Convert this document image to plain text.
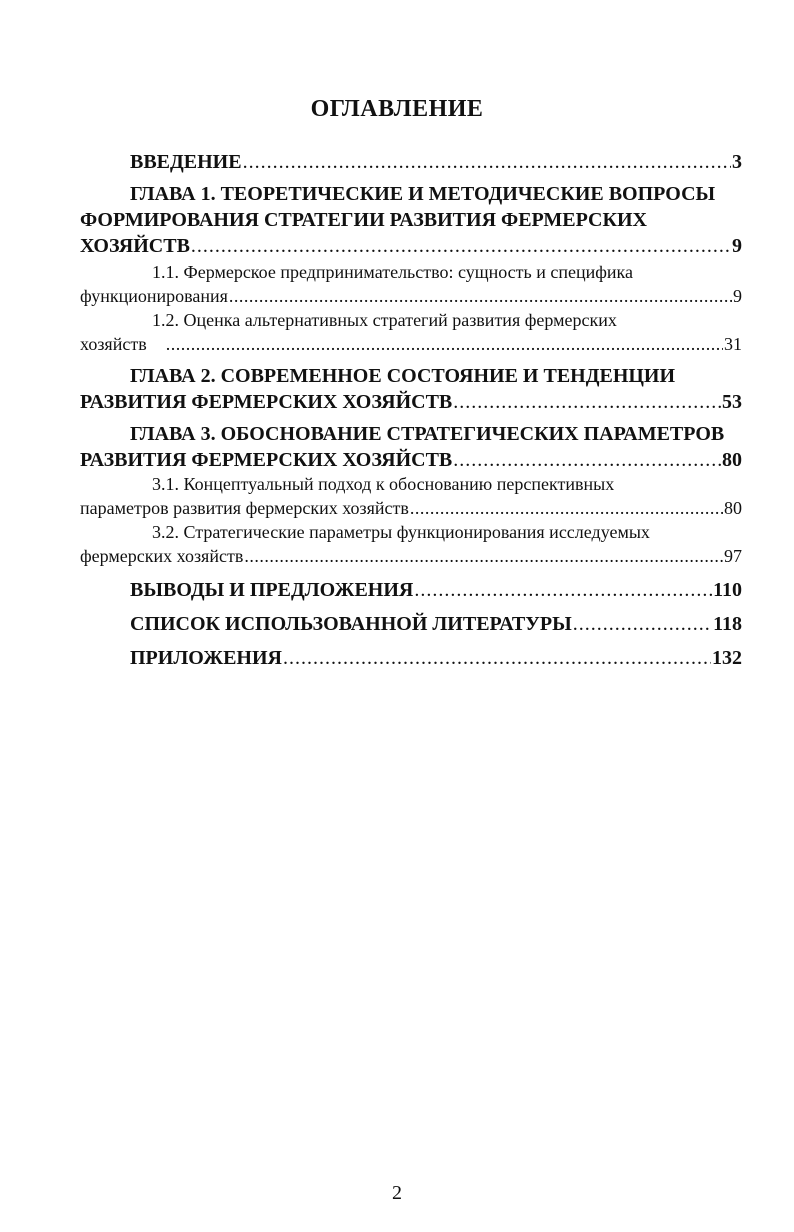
ОГЛАВЛЕНИЕ
ВВЕДЕНИЕ . . .	3
ГЛАВА 1. ТЕОРЕТИЧЕСКИЕ И МЕТОДИЧЕСКИЕ ВОПРОСЫ
ФОРМИРОВАНИЯ СТРАТЕГИИ РАЗВИТИЯ ФЕРМЕРСКИХ
ХОЗЯЙСТВ . . .	9
1.1. Фермерское предпринимательство: сущность и специфика
функционирования . . .	9
1.2. Оценка альтернативных стратегий развития фермерских
хозяйств . . .	31
ГЛАВА 2. СОВРЕМЕННОЕ СОСТОЯНИЕ И ТЕНДЕНЦИИ
РАЗВИТИЯ ФЕРМЕРСКИХ ХОЗЯЙСТВ . . .	53
ГЛАВА 3. ОБОСНОВАНИЕ СТРАТЕГИЧЕСКИХ ПАРАМЕТРОВ
РАЗВИТИЯ ФЕРМЕРСКИХ ХОЗЯЙСТВ . . .	80
3.1. Концептуальный подход к обоснованию перспективных
параметров развития фермерских хозяйств . . .	80
3.2. Стратегические параметры функционирования исследуемых
фермерских хозяйств . . .	97
ВЫВОДЫ И ПРЕДЛОЖЕНИЯ . . .	110
СПИСОК ИСПОЛЬЗОВАННОЙ ЛИТЕРАТУРЫ . . .	118
ПРИЛОЖЕНИЯ . . .	132
2
